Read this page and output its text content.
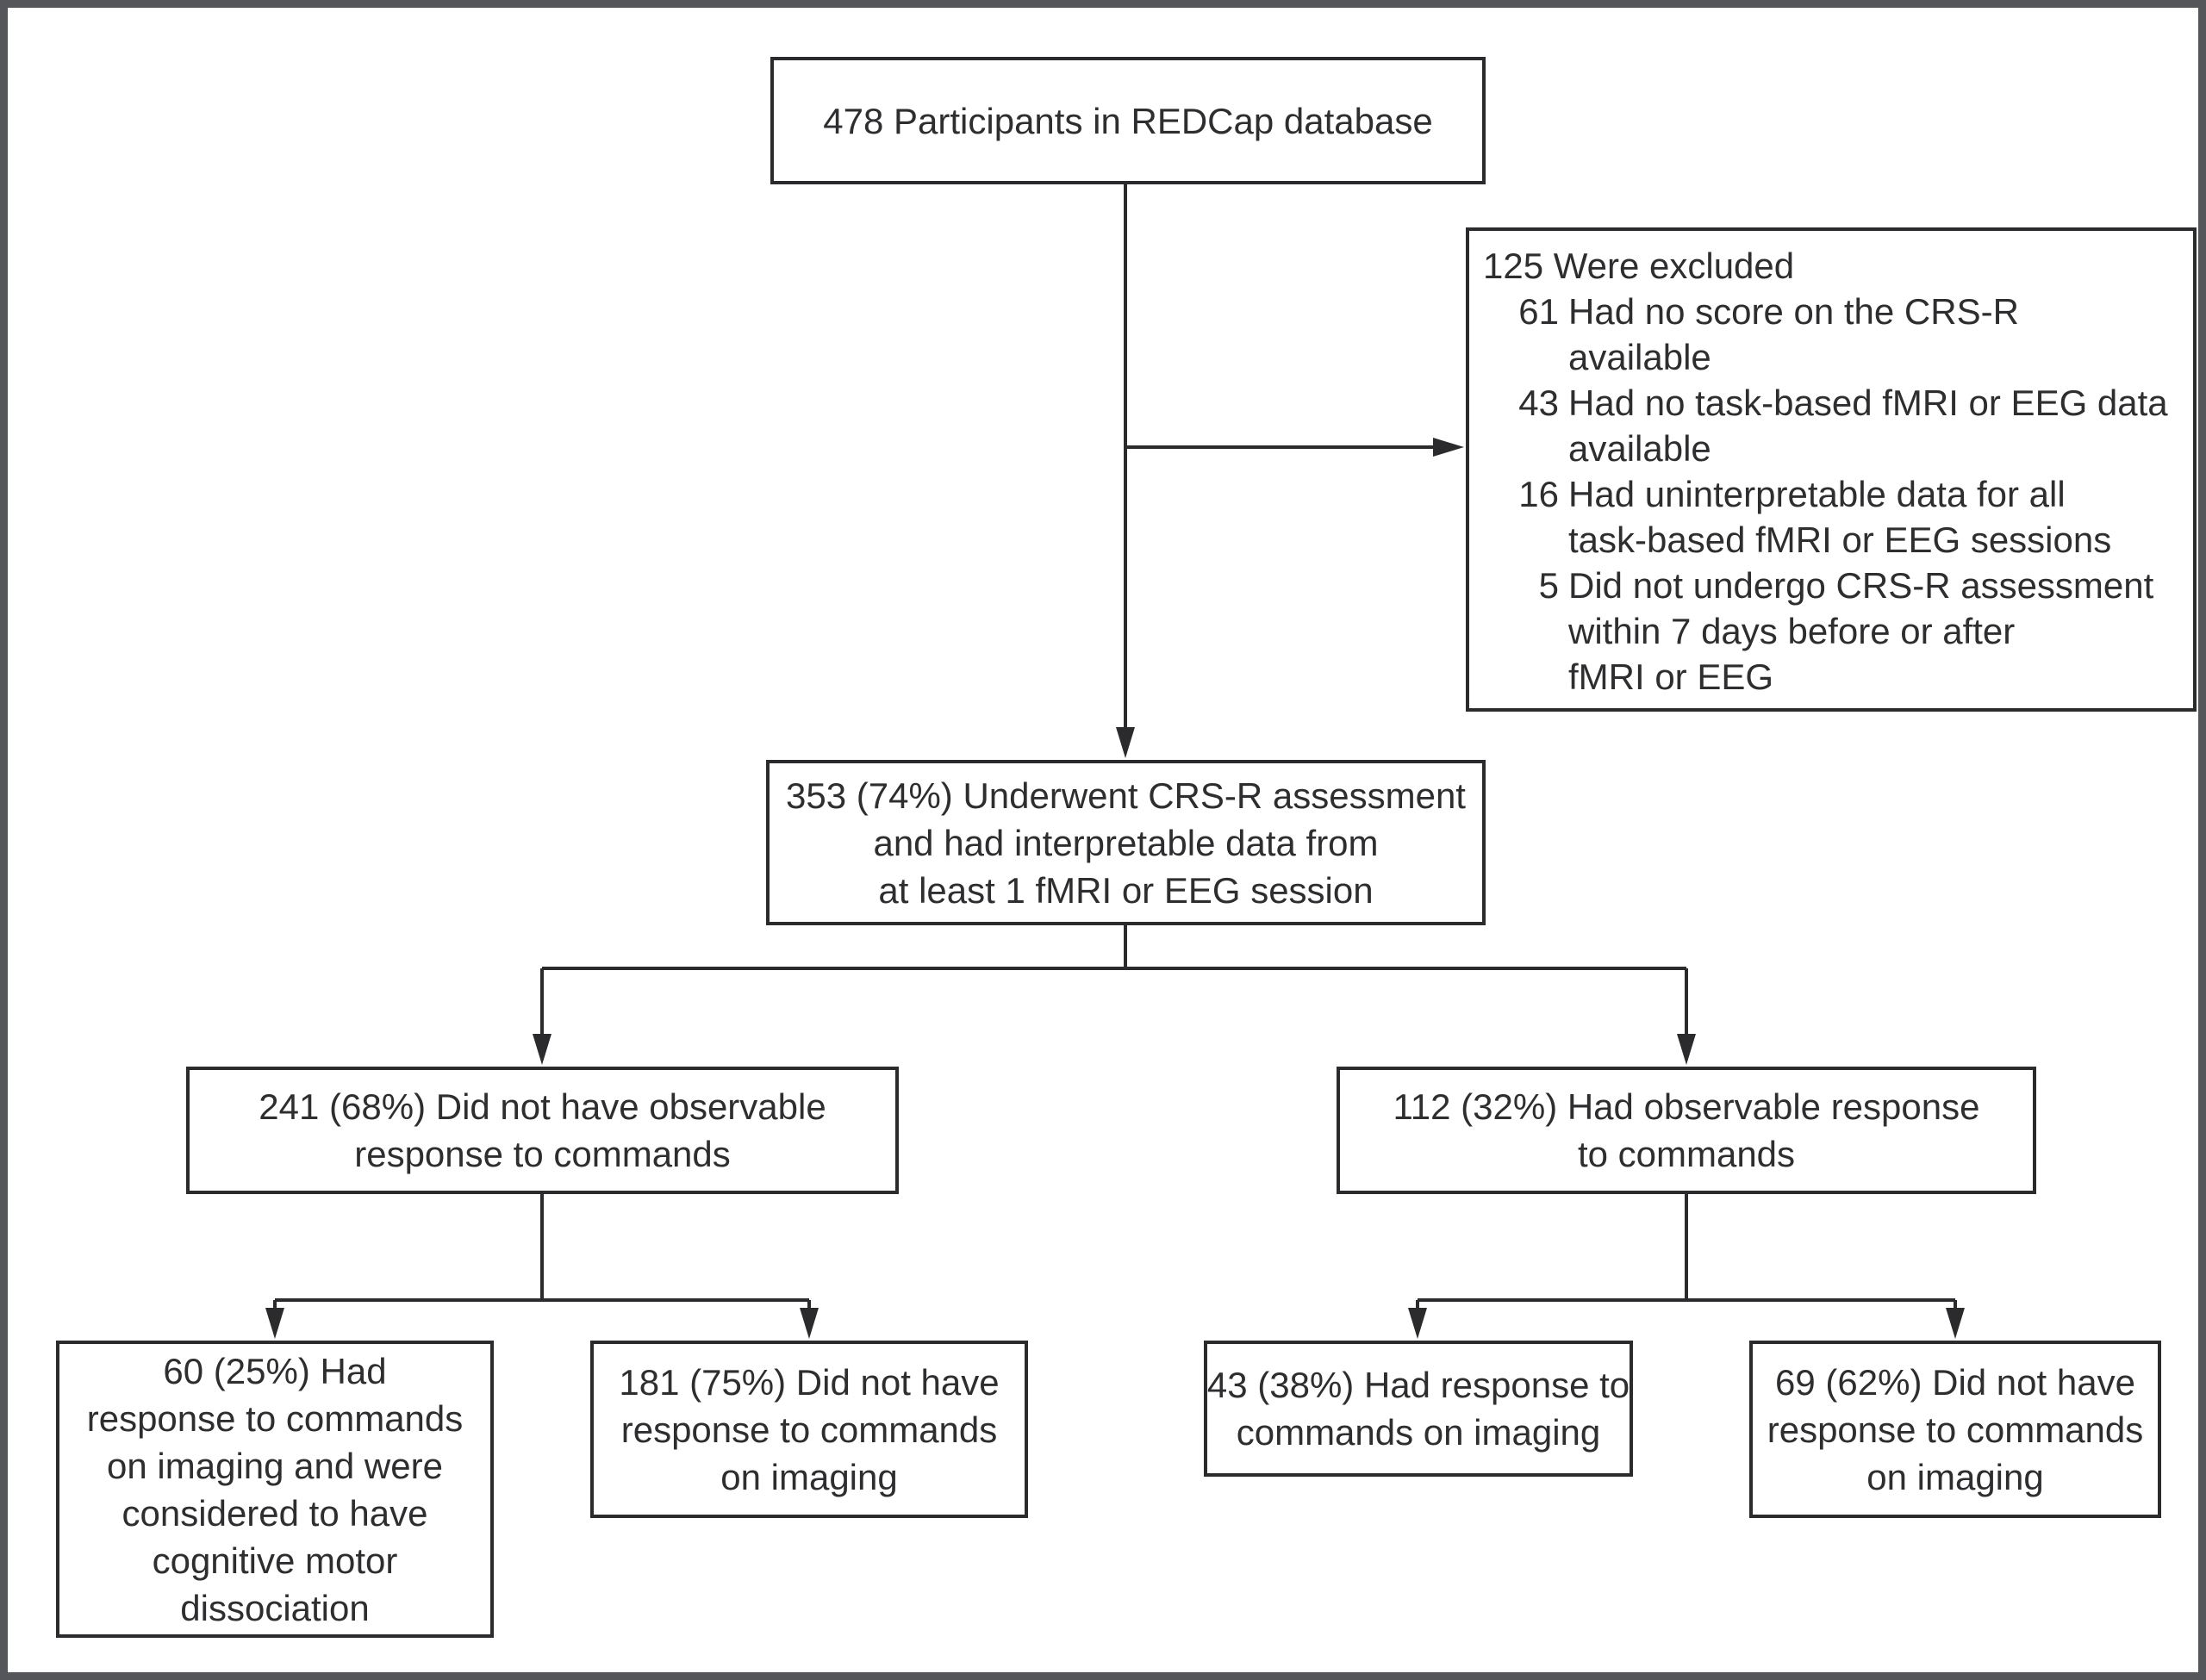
478 Participants in REDCap database
125 Were excluded
61 Had no score on the CRS-R
available
43 Had no task-based fMRI or EEG data
available
16 Had uninterpretable data for all
task-based fMRI or EEG sessions
5 Did not undergo CRS-R assessment
within 7 days before or after
fMRI or EEG
353 (74%) Underwent CRS-R assessment
and had interpretable data from
at least 1 fMRI or EEG session
241 (68%) Did not have observable
response to commands
112 (32%) Had observable response
to commands
60 (25%) Had
response to commands
on imaging and were
considered to have
cognitive motor
dissociation
181 (75%) Did not have
response to commands
on imaging
43 (38%) Had response to
commands on imaging
69 (62%) Did not have
response to commands
on imaging
